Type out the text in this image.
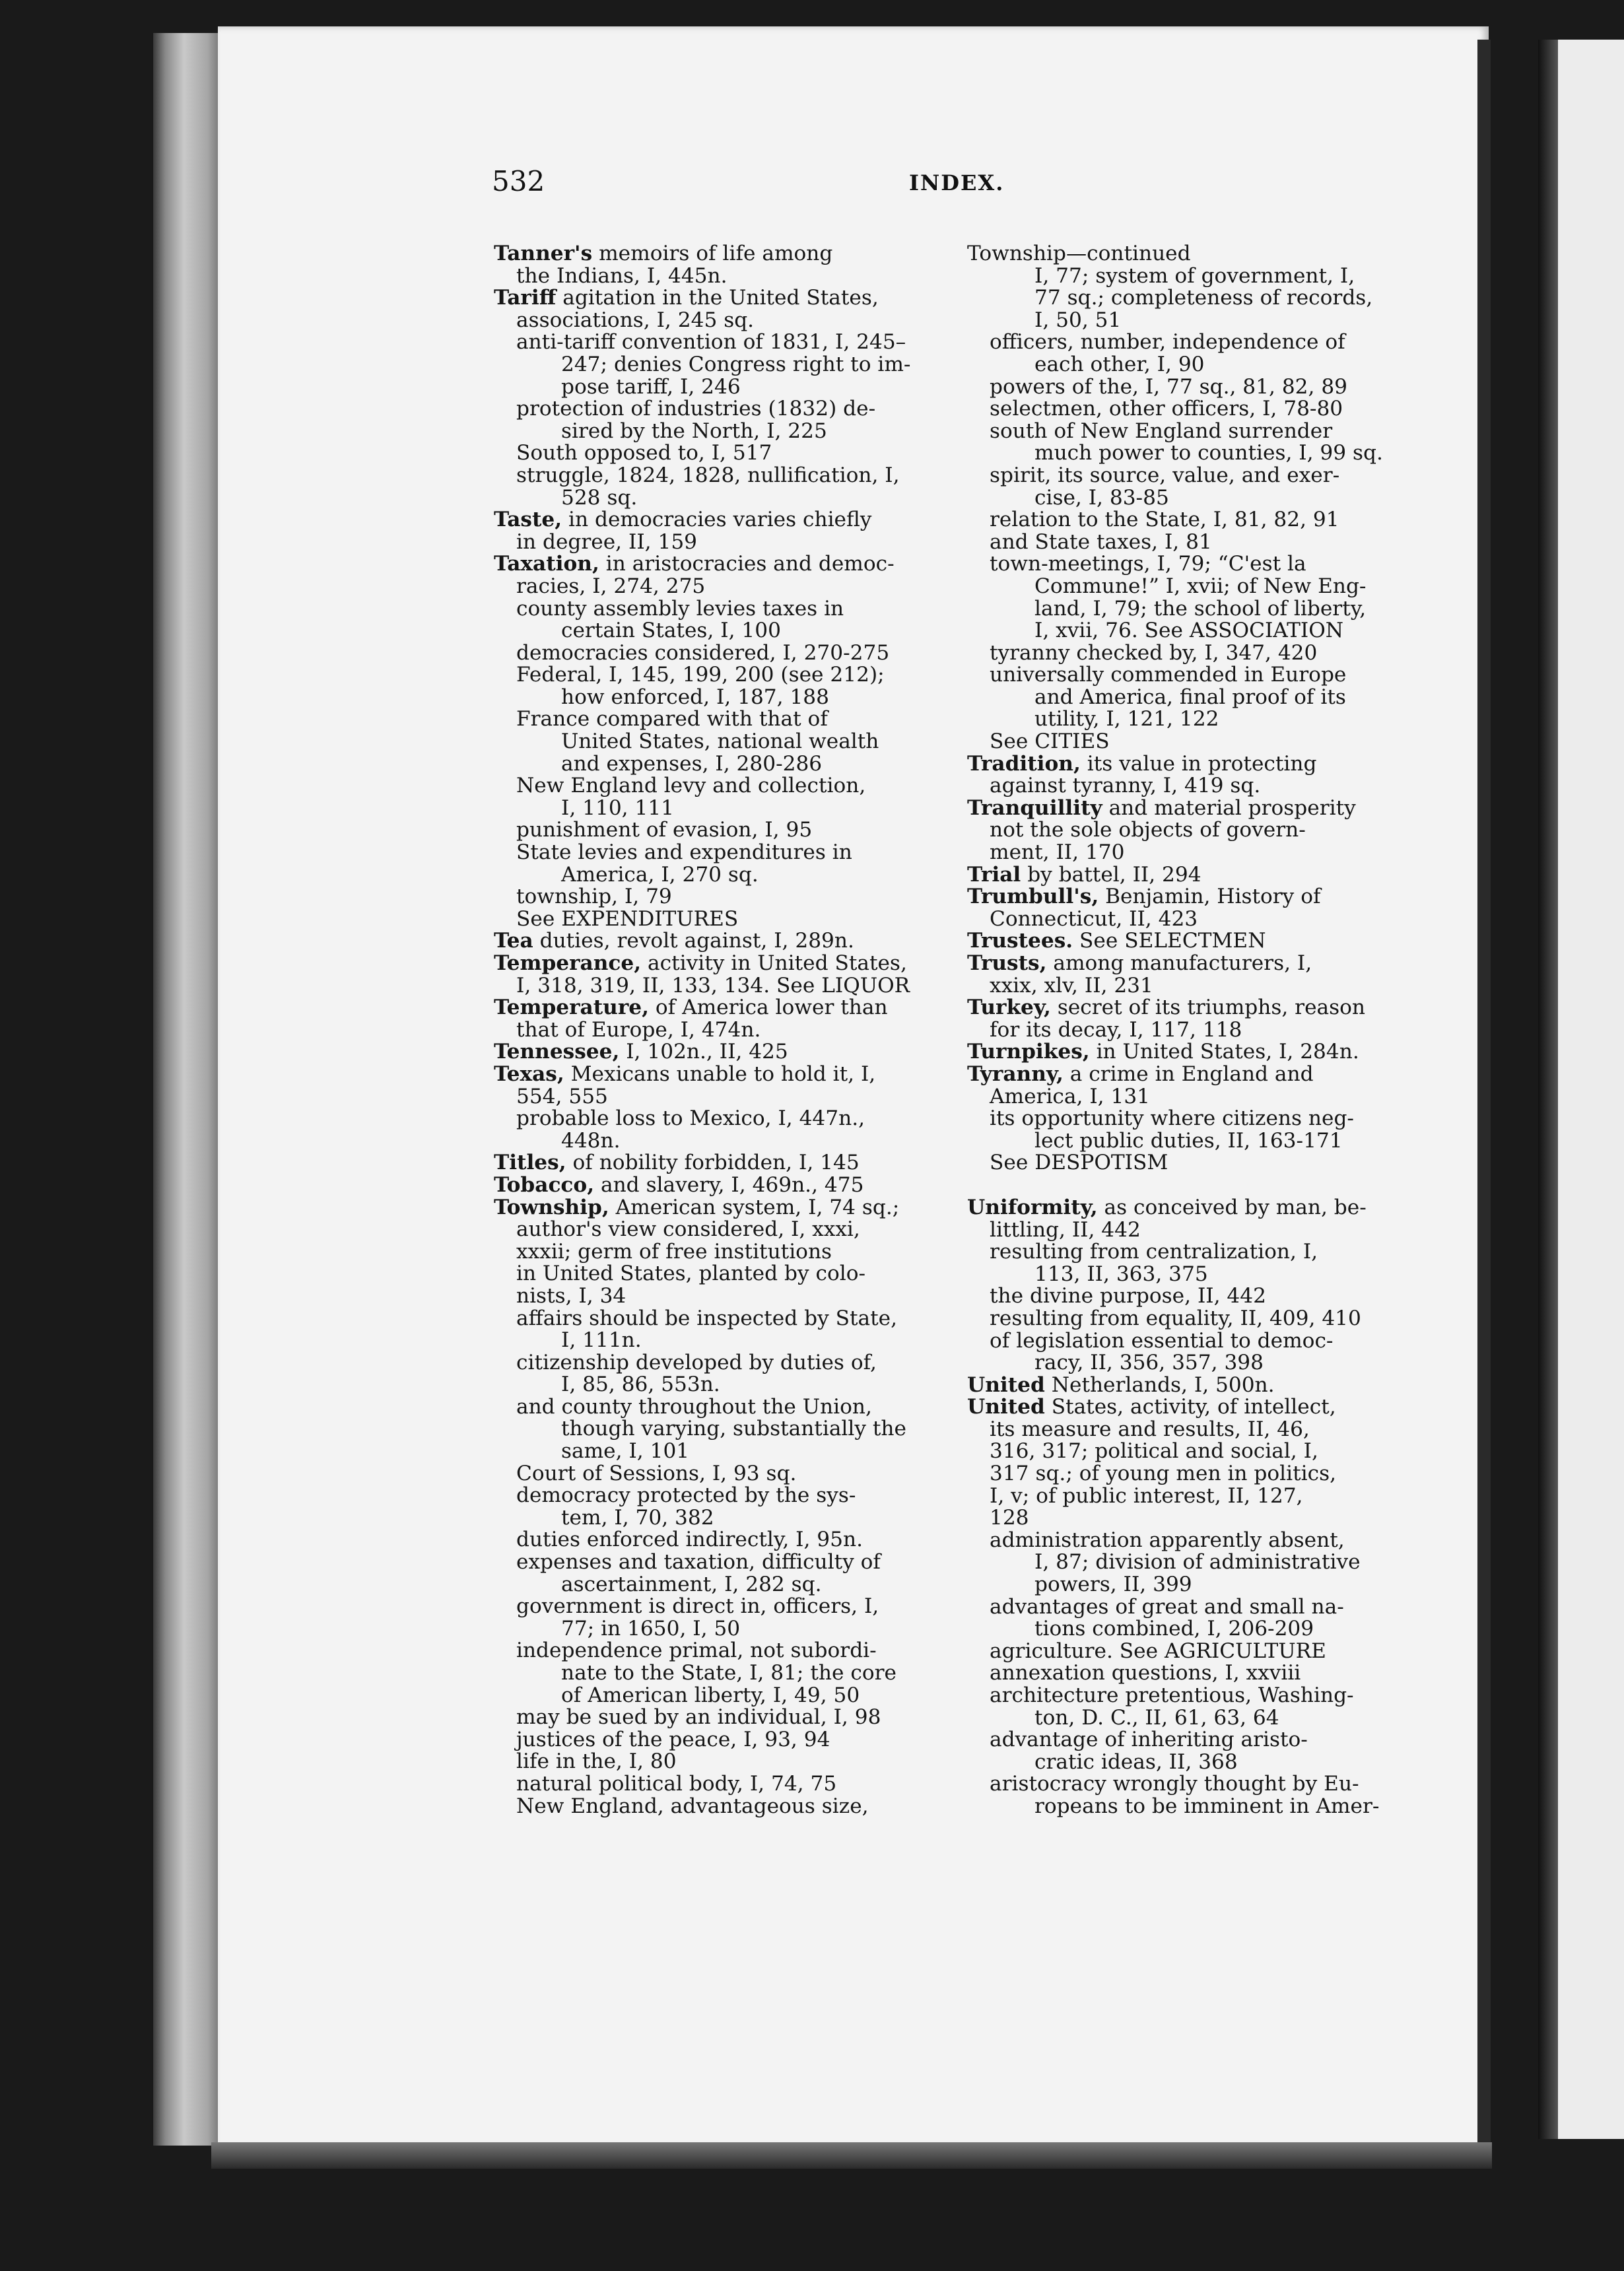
532	INDEX.
Tanner's memoirs of life among
the Indians, I, 445n.
Tariff agitation in the United States,
associations, I, 245 sq.
anti-tariff convention of 1831, I, 245–
247; denies Congress right to im-
pose tariff, I, 246
protection of industries (1832) de-
sired by the North, I, 225
South opposed to, I, 517
struggle, 1824, 1828, nullification, I,
528 sq.
Taste, in democracies varies chiefly
in degree, II, 159
Taxation, in aristocracies and democ-
racies, I, 274, 275
county assembly levies taxes in
certain States, I, 100
democracies considered, I, 270-275
Federal, I, 145, 199, 200 (see 212);
how enforced, I, 187, 188
France compared with that of
United States, national wealth
and expenses, I, 280-286
New England levy and collection,
I, 110, 111
punishment of evasion, I, 95
State levies and expenditures in
America, I, 270 sq.
township, I, 79
See EXPENDITURES
Tea duties, revolt against, I, 289n.
Temperance, activity in United States,
I, 318, 319, II, 133, 134. See LIQUOR
Temperature, of America lower than
that of Europe, I, 474n.
Tennessee, I, 102n., II, 425
Texas, Mexicans unable to hold it, I,
554, 555
probable loss to Mexico, I, 447n.,
448n.
Titles, of nobility forbidden, I, 145
Tobacco, and slavery, I, 469n., 475
Township, American system, I, 74 sq.;
author's view considered, I, xxxi,
xxxii; germ of free institutions
in United States, planted by colo-
nists, I, 34
affairs should be inspected by State,
I, 111n.
citizenship developed by duties of,
I, 85, 86, 553n.
and county throughout the Union,
though varying, substantially the
same, I, 101
Court of Sessions, I, 93 sq.
democracy protected by the sys-
tem, I, 70, 382
duties enforced indirectly, I, 95n.
expenses and taxation, difficulty of
ascertainment, I, 282 sq.
government is direct in, officers, I,
77; in 1650, I, 50
independence primal, not subordi-
nate to the State, I, 81; the core
of American liberty, I, 49, 50
may be sued by an individual, I, 98
justices of the peace, I, 93, 94
life in the, I, 80
natural political body, I, 74, 75
New England, advantageous size,
Township—continued
I, 77; system of government, I,
77 sq.; completeness of records,
I, 50, 51
officers, number, independence of
each other, I, 90
powers of the, I, 77 sq., 81, 82, 89
selectmen, other officers, I, 78-80
south of New England surrender
much power to counties, I, 99 sq.
spirit, its source, value, and exer-
cise, I, 83-85
relation to the State, I, 81, 82, 91
and State taxes, I, 81
town-meetings, I, 79; “C'est la
Commune!” I, xvii; of New Eng-
land, I, 79; the school of liberty,
I, xvii, 76. See ASSOCIATION
tyranny checked by, I, 347, 420
universally commended in Europe
and America, final proof of its
utility, I, 121, 122
See CITIES
Tradition, its value in protecting
against tyranny, I, 419 sq.
Tranquillity and material prosperity
not the sole objects of govern-
ment, II, 170
Trial by battel, II, 294
Trumbull's, Benjamin, History of
Connecticut, II, 423
Trustees. See SELECTMEN
Trusts, among manufacturers, I,
xxix, xlv, II, 231
Turkey, secret of its triumphs, reason
for its decay, I, 117, 118
Turnpikes, in United States, I, 284n.
Tyranny, a crime in England and
America, I, 131
its opportunity where citizens neg-
lect public duties, II, 163-171
See DESPOTISM
Uniformity, as conceived by man, be-
littling, II, 442
resulting from centralization, I,
113, II, 363, 375
the divine purpose, II, 442
resulting from equality, II, 409, 410
of legislation essential to democ-
racy, II, 356, 357, 398
United Netherlands, I, 500n.
United States, activity, of intellect,
its measure and results, II, 46,
316, 317; political and social, I,
317 sq.; of young men in politics,
I, v; of public interest, II, 127,
128
administration apparently absent,
I, 87; division of administrative
powers, II, 399
advantages of great and small na-
tions combined, I, 206-209
agriculture. See AGRICULTURE
annexation questions, I, xxviii
architecture pretentious, Washing-
ton, D. C., II, 61, 63, 64
advantage of inheriting aristo-
cratic ideas, II, 368
aristocracy wrongly thought by Eu-
ropeans to be imminent in Amer-
